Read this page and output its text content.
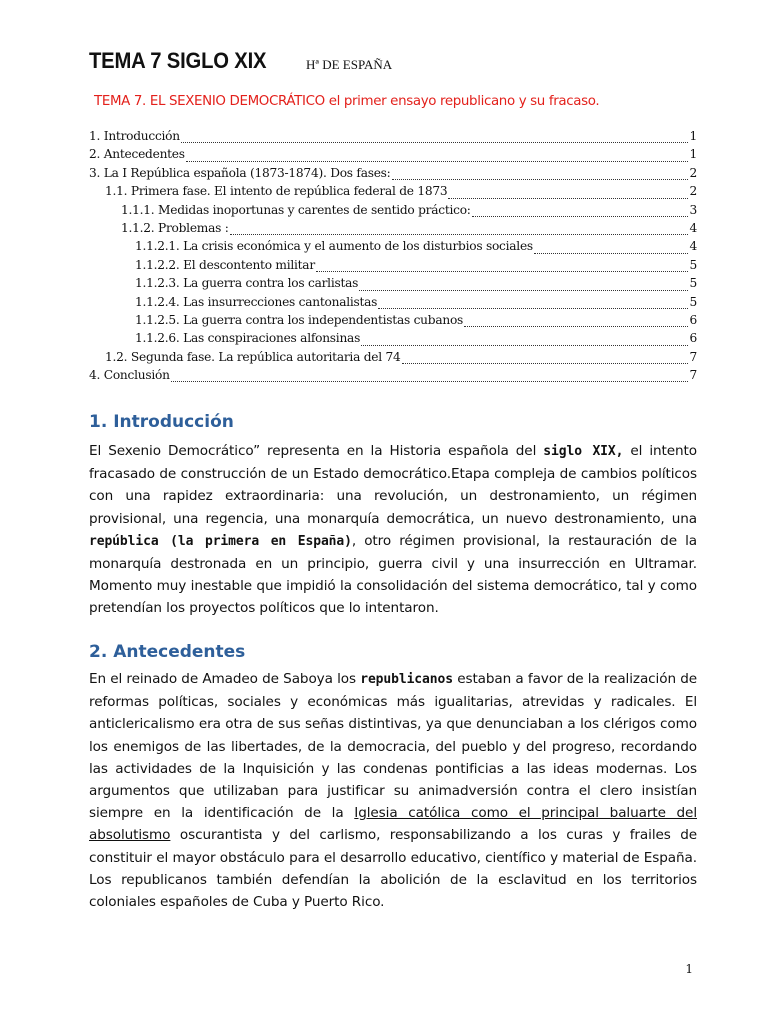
TEMA 7 SIGLO XIX	Hª DE ESPAÑA
TEMA 7. EL SEXENIO DEMOCRÁTICO el primer ensayo republicano y su fracaso.
1. Introducción	1
2. Antecedentes	1
3. La I República española (1873-1874). Dos fases:	2
1.1. Primera fase. El intento de república federal de 1873	2
1.1.1. Medidas inoportunas y carentes de sentido práctico:	3
1.1.2. Problemas :	4
1.1.2.1. La crisis económica y el aumento de los disturbios sociales	4
1.1.2.2. El descontento militar	5
1.1.2.3. La guerra contra los carlistas	5
1.1.2.4. Las insurrecciones cantonalistas	5
1.1.2.5. La guerra contra los independentistas cubanos	6
1.1.2.6. Las conspiraciones alfonsinas	6
1.2. Segunda fase. La república autoritaria del 74	7
4. Conclusión	7
1. Introducción
El Sexenio Democrático” representa en la Historia española del siglo XIX, el intento fracasado de construcción de un Estado democrático.Etapa compleja de cambios políticos con una rapidez extraordinaria: una revolución, un destronamiento, un régimen provisional, una regencia, una monarquía democrática, un nuevo destronamiento, una república (la primera en España), otro régimen provisional, la restauración de la monarquía destronada en un principio, guerra civil y una insurrección en Ultramar. Momento muy inestable que impidió la consolidación del sistema democrático, tal y como pretendían los proyectos políticos que lo intentaron.
2. Antecedentes
En el reinado de Amadeo de Saboya los republicanos estaban a favor de la realización de reformas políticas, sociales y económicas más igualitarias, atrevidas y radicales. El anticlericalismo era otra de sus señas distintivas, ya que denunciaban a los clérigos como los enemigos de las libertades, de la democracia, del pueblo y del progreso, recordando las actividades de la Inquisición y las condenas pontificias a las ideas modernas. Los argumentos que utilizaban para justificar su animadversión contra el clero insistían siempre en la identificación de la Iglesia católica como el principal baluarte del absolutismo oscurantista y del carlismo, responsabilizando a los curas y frailes de constituir el mayor obstáculo para el desarrollo educativo, científico y material de España. Los republicanos también defendían la abolición de la esclavitud en los territorios coloniales españoles de Cuba y Puerto Rico.
1
